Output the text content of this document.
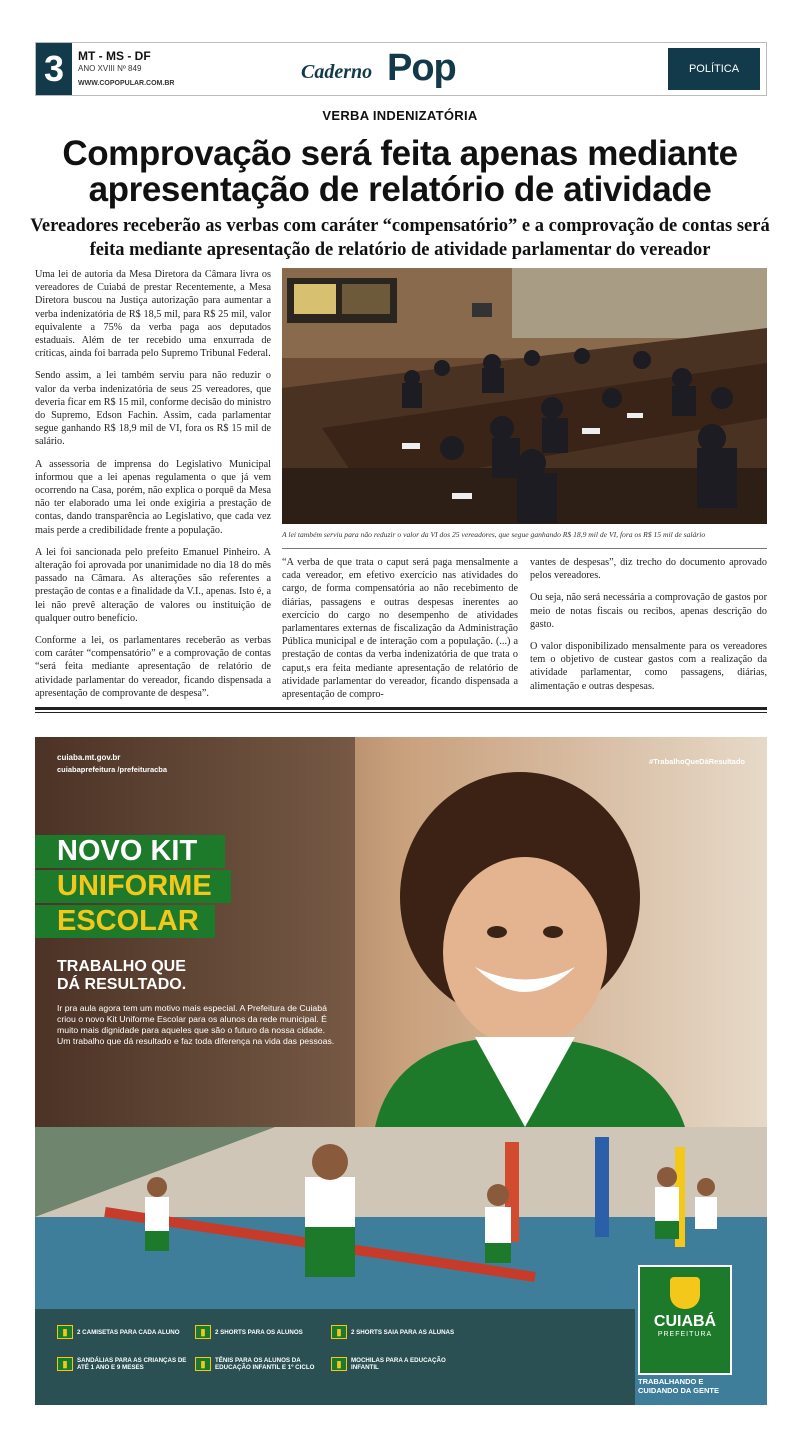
3	MT - MS - DF
ANO XVIII Nº 849
WWW.COPOPULAR.COM.BR
Caderno Pop	POLÍTICA
VERBA INDENIZATÓRIA
Comprovação será feita apenas mediante apresentação de relatório de atividade
Vereadores receberão as verbas com caráter “compensatório” e a comprovação de contas será feita mediante apresentação de relatório de atividade parlamentar do vereador

Uma lei de autoria da Mesa Diretora da Câmara livra os vereadores de Cuiabá de prestar Recentemente, a Mesa Diretora buscou na Justiça autorização para aumentar a verba indenizatória de R$ 18,5 mil, para R$ 25 mil, valor equivalente a 75% da verba paga aos deputados estaduais. Além de ter recebido uma enxurrada de críticas, ainda foi barrada pelo Supremo Tribunal Federal.

Sendo assim, a lei também serviu para não reduzir o valor da verba indenizatória de seus 25 vereadores, que deveria ficar em R$ 15 mil, conforme decisão do ministro do Supremo, Edson Fachin. Assim, cada parlamentar segue ganhando R$ 18,9 mil de VI, fora os R$ 15 mil de salário.

A assessoria de imprensa do Legislativo Municipal informou que a lei apenas regulamenta o que já vem ocorrendo na Casa, porém, não explica o porquê da Mesa não ter elaborado uma lei onde exigiria a prestação de contas, dando transparência ao Legislativo, que cada vez mais perde a credibilidade frente a população.

A lei foi sancionada pelo prefeito Emanuel Pinheiro. A alteração foi aprovada por unanimidade no dia 18 do mês passado na Câmara. As alterações são referentes a prestação de contas e a finalidade da V.I., apenas. Isto é, a lei não prevê alteração de valores ou instituição de qualquer outro benefício.

Conforme a lei, os parlamentares receberão as verbas com caráter “compensatório” e a comprovação de contas “será feita mediante apresentação de relatório de atividade parlamentar do vereador, ficando dispensada a apresentação de comprovante de despesa”.

A lei também serviu para não reduzir o valor da VI dos 25 vereadores, que segue ganhando R$ 18,9 mil de VI, fora os R$ 15 mil de salário

“A verba de que trata o caput será paga mensalmente a cada vereador, em efetivo exercício nas atividades do cargo, de forma compensatória ao não recebimento de diárias, passagens e outras despesas inerentes ao exercício do cargo no desempenho de atividades parlamentares externas de fiscalização da Administração Pública municipal e de interação com a população. (...) a prestação de contas da verba indenizatória de que trata o caput,s era feita mediante apresentação de relatório de atividade parlamentar do vereador, ficando dispensada a apresentação de compro-

vantes de despesas”, diz trecho do documento aprovado pelos vereadores.

Ou seja, não será necessária a comprovação de gastos por meio de notas fiscais ou recibos, apenas descrição do gasto.

O valor disponibilizado mensalmente para os vereadores tem o objetivo de custear gastos com a realização da atividade parlamentar, como passagens, diárias, alimentação e outras despesas.

cuiaba.mt.gov.br
cuiabaprefeitura /prefeituracba
#TrabalhoQueDáResultado
NOVO KIT
UNIFORME
ESCOLAR
TRABALHO QUE
DÁ RESULTADO.
Ir pra aula agora tem um motivo mais especial. A Prefeitura de Cuiabá criou o novo Kit Uniforme Escolar para os alunos da rede municipal. É muito mais dignidade para aqueles que são o futuro da nossa cidade. Um trabalho que dá resultado e faz toda diferença na vida das pessoas.
▮	2 CAMISETAS PARA CADA ALUNO	▮	2 SHORTS PARA OS ALUNOS	▮	2 SHORTS SAIA PARA AS ALUNAS
▮	SANDÁLIAS PARA AS CRIANÇAS DE ATÉ 1 ANO E 9 MESES	▮	TÊNIS PARA OS ALUNOS DA EDUCAÇÃO INFANTIL E 1º CICLO	▮	MOCHILAS PARA A EDUCAÇÃO INFANTIL
CUIABÁ
PREFEITURA
TRABALHANDO E CUIDANDO DA GENTE
